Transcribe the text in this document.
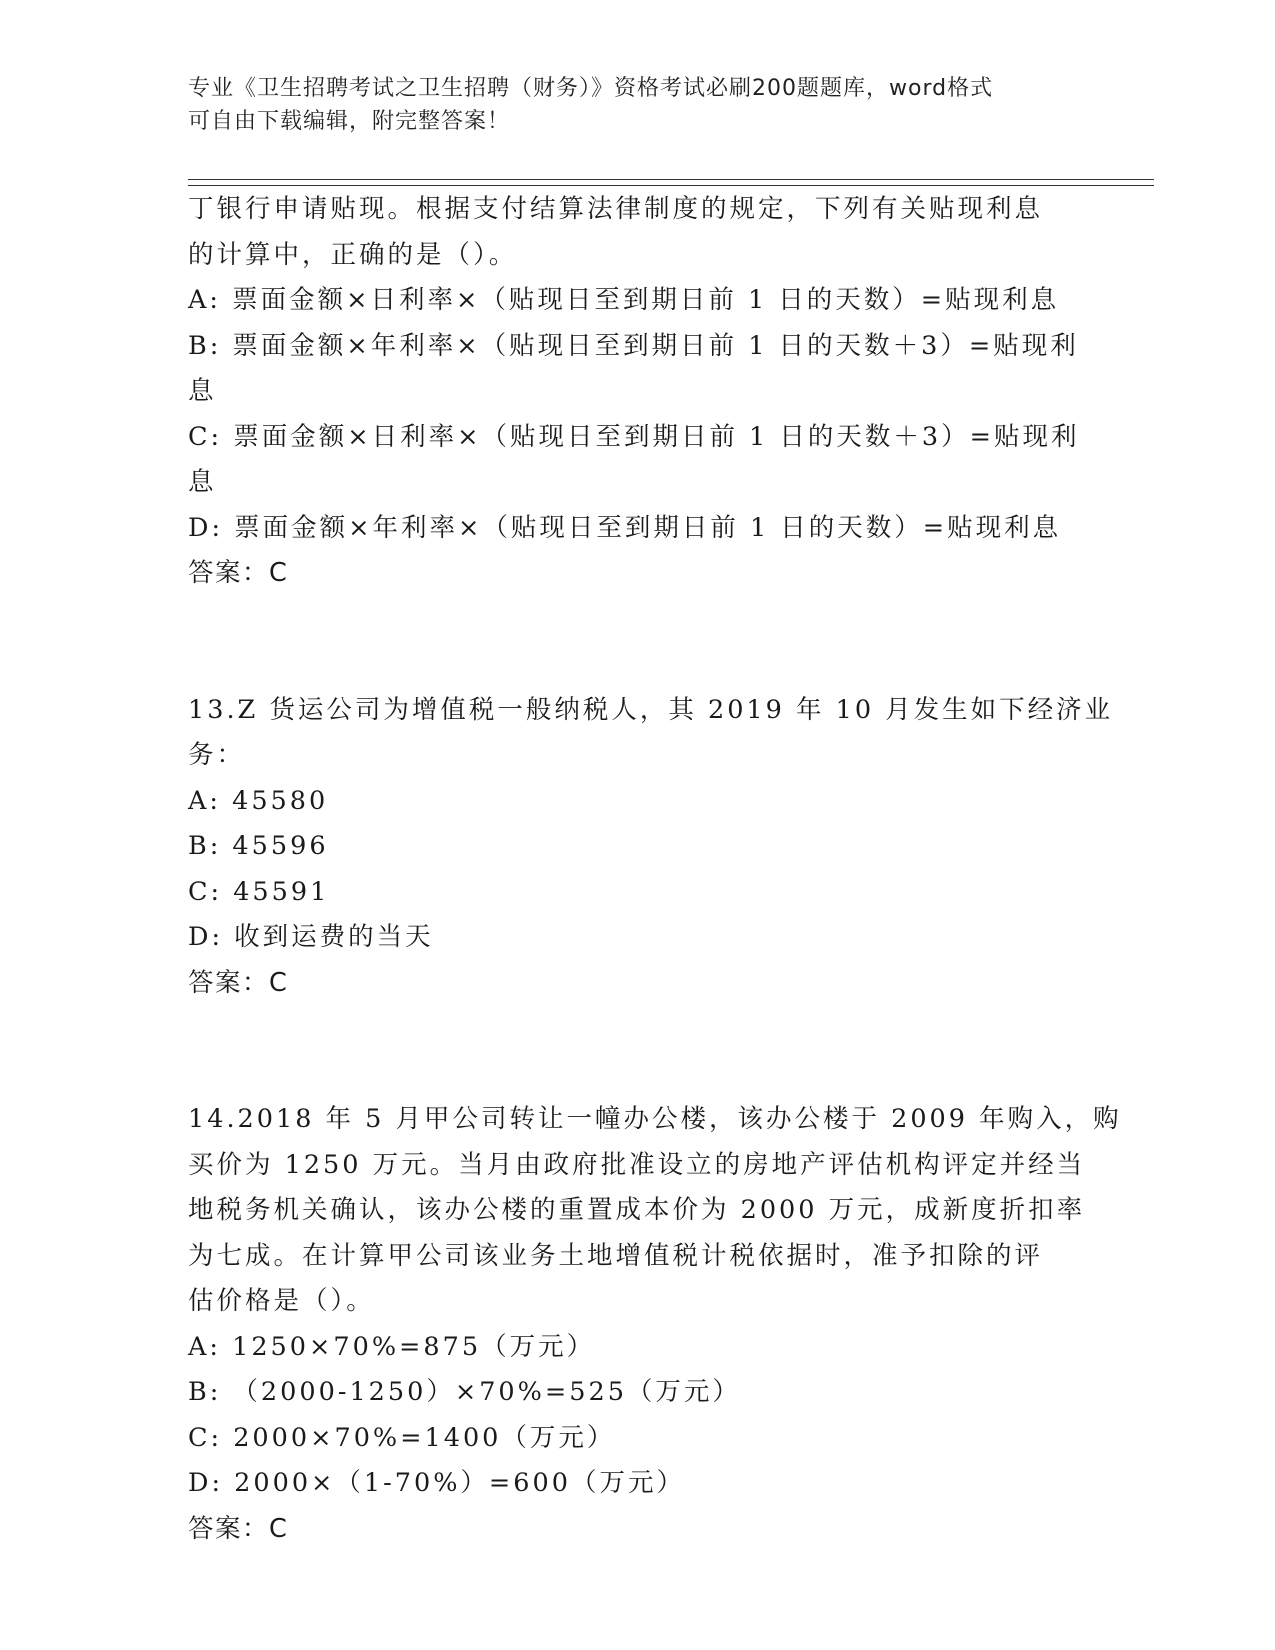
专业《卫生招聘考试之卫生招聘（财务）》资格考试必刷200题题库，word格式
可自由下载编辑，附完整答案！
丁银行申请贴现。根据支付结算法律制度的规定，下列有关贴现利息
的计算中，正确的是（）。
A: 票面金额×日利率×（贴现日至到期日前 1 日的天数）=贴现利息
B: 票面金额×年利率×（贴现日至到期日前 1 日的天数＋3）=贴现利
息
C: 票面金额×日利率×（贴现日至到期日前 1 日的天数＋3）=贴现利
息
D: 票面金额×年利率×（贴现日至到期日前 1 日的天数）=贴现利息
答案：C
13.Z 货运公司为增值税一般纳税人，其 2019 年 10 月发生如下经济业
务：
A: 45580
B: 45596
C: 45591
D: 收到运费的当天
答案：C
14.2018 年 5 月甲公司转让一幢办公楼，该办公楼于 2009 年购入，购
买价为 1250 万元。当月由政府批准设立的房地产评估机构评定并经当
地税务机关确认，该办公楼的重置成本价为 2000 万元，成新度折扣率
为七成。在计算甲公司该业务土地增值税计税依据时，准予扣除的评
估价格是（）。
A: 1250×70%=875（万元）
B: （2000-1250）×70%=525（万元）
C: 2000×70%=1400（万元）
D: 2000×（1-70%）=600（万元）
答案：C
